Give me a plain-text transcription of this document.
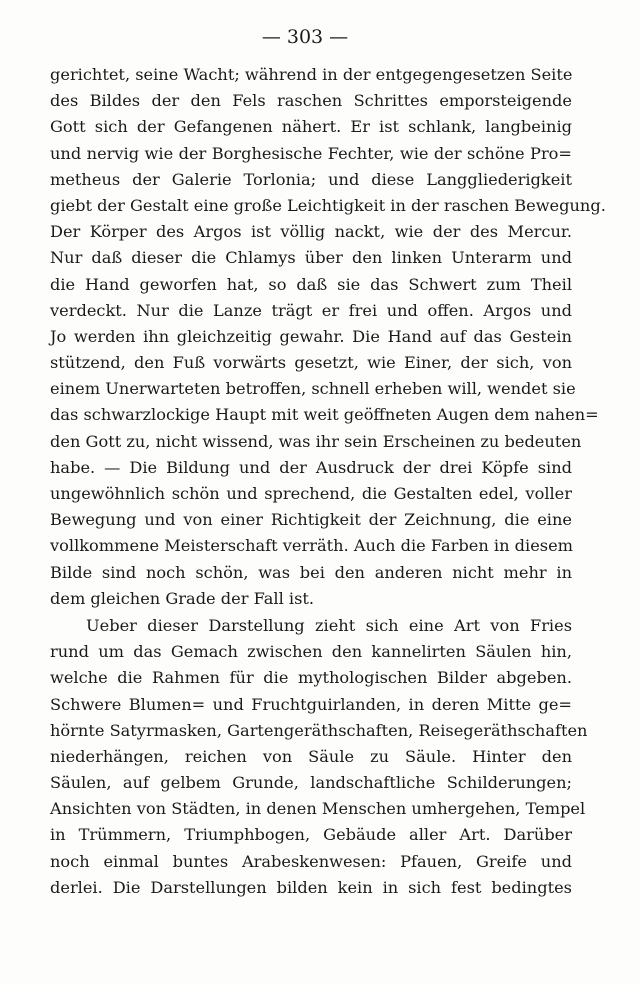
— 303 —
gerichtet, seine Wacht; während in der entgegengesetzen Seite
des Bildes der den Fels raschen Schrittes emporsteigende
Gott sich der Gefangenen nähert. Er ist schlank, langbeinig
und nervig wie der Borghesische Fechter, wie der schöne Pro=
metheus der Galerie Torlonia; und diese Langgliederigkeit
giebt der Gestalt eine große Leichtigkeit in der raschen Bewegung.
Der Körper des Argos ist völlig nackt, wie der des Mercur.
Nur daß dieser die Chlamys über den linken Unterarm und
die Hand geworfen hat, so daß sie das Schwert zum Theil
verdeckt. Nur die Lanze trägt er frei und offen. Argos und
Jo werden ihn gleichzeitig gewahr. Die Hand auf das Gestein
stützend, den Fuß vorwärts gesetzt, wie Einer, der sich, von
einem Unerwarteten betroffen, schnell erheben will, wendet sie
das schwarzlockige Haupt mit weit geöffneten Augen dem nahen=
den Gott zu, nicht wissend, was ihr sein Erscheinen zu bedeuten
habe. — Die Bildung und der Ausdruck der drei Köpfe sind
ungewöhnlich schön und sprechend, die Gestalten edel, voller
Bewegung und von einer Richtigkeit der Zeichnung, die eine
vollkommene Meisterschaft verräth. Auch die Farben in diesem
Bilde sind noch schön, was bei den anderen nicht mehr in
dem gleichen Grade der Fall ist.
Ueber dieser Darstellung zieht sich eine Art von Fries
rund um das Gemach zwischen den kannelirten Säulen hin,
welche die Rahmen für die mythologischen Bilder abgeben.
Schwere Blumen= und Fruchtguirlanden, in deren Mitte ge=
hörnte Satyrmasken, Gartengeräthschaften, Reisegeräthschaften
niederhängen, reichen von Säule zu Säule. Hinter den
Säulen, auf gelbem Grunde, landschaftliche Schilderungen;
Ansichten von Städten, in denen Menschen umhergehen, Tempel
in Trümmern, Triumphbogen, Gebäude aller Art. Darüber
noch einmal buntes Arabeskenwesen: Pfauen, Greife und
derlei. Die Darstellungen bilden kein in sich fest bedingtes
